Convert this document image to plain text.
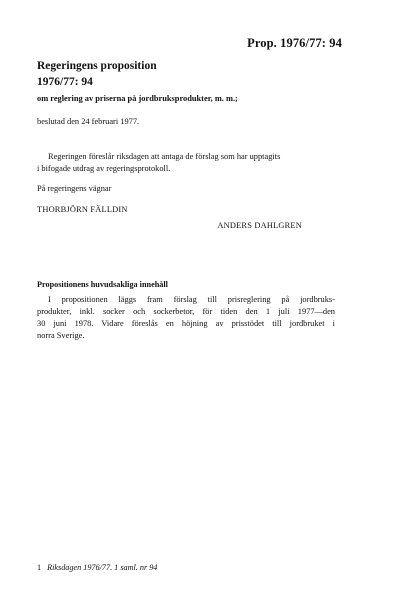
Prop. 1976/77: 94
Regeringens proposition
1976/77: 94
om reglering av priserna på jordbruksprodukter, m. m.;
beslutad den 24 februari 1977.
Regeringen föreslår riksdagen att antaga de förslag som har upptagits
i bifogade utdrag av regeringsprotokoll.
På regeringens vägnar
THORBJÖRN FÄLLDIN
ANDERS DAHLGREN
Propositionens huvudsakliga innehåll
I propositionen läggs fram förslag till prisreglering på jordbruks-
produkter, inkl. socker och sockerbetor, för tiden den 1 juli 1977—den
30 juni 1978. Vidare föreslås en höjning av prisstödet till jordbruket i
norra Sverige.
1 Riksdagen 1976/77. 1 saml. nr 94
